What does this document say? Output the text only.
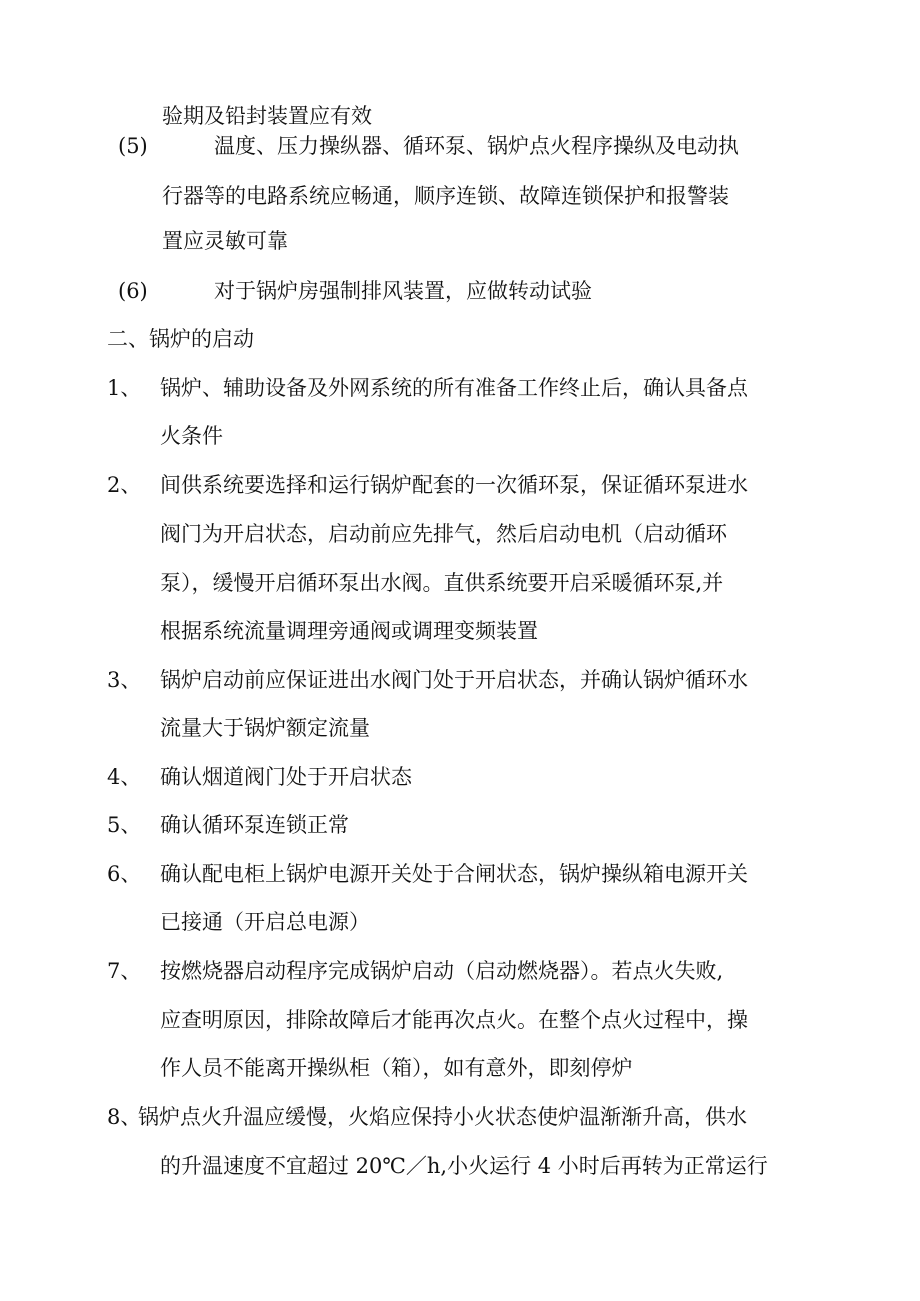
验期及铅封装置应有效
(5)	温度、压力操纵器、循环泵、锅炉点火程序操纵及电动执
行器等的电路系统应畅通，顺序连锁、故障连锁保护和报警装
置应灵敏可靠
(6)	对于锅炉房强制排风装置，应做转动试验
二、锅炉的启动
1、 锅炉、辅助设备及外网系统的所有准备工作终止后，确认具备点
火条件
2、 间供系统要选择和运行锅炉配套的一次循环泵，保证循环泵进水
阀门为开启状态，启动前应先排气，然后启动电机（启动循环
泵），缓慢开启循环泵出水阀。直供系统要开启采暖循环泵,并
根据系统流量调理旁通阀或调理变频装置
3、 锅炉启动前应保证进出水阀门处于开启状态，并确认锅炉循环水
流量大于锅炉额定流量
4、 确认烟道阀门处于开启状态
5、 确认循环泵连锁正常
6、 确认配电柜上锅炉电源开关处于合闸状态，锅炉操纵箱电源开关
已接通（开启总电源）
7、 按燃烧器启动程序完成锅炉启动（启动燃烧器）。若点火失败,
应查明原因，排除故障后才能再次点火。在整个点火过程中，操
作人员不能离开操纵柜（箱），如有意外，即刻停炉
8、
锅炉点火升温应缓慢，火焰应保持小火状态使炉温渐渐升高，供水
的升温速度不宜超过 20℃／h,小火运行 4 小时后再转为正常运行
